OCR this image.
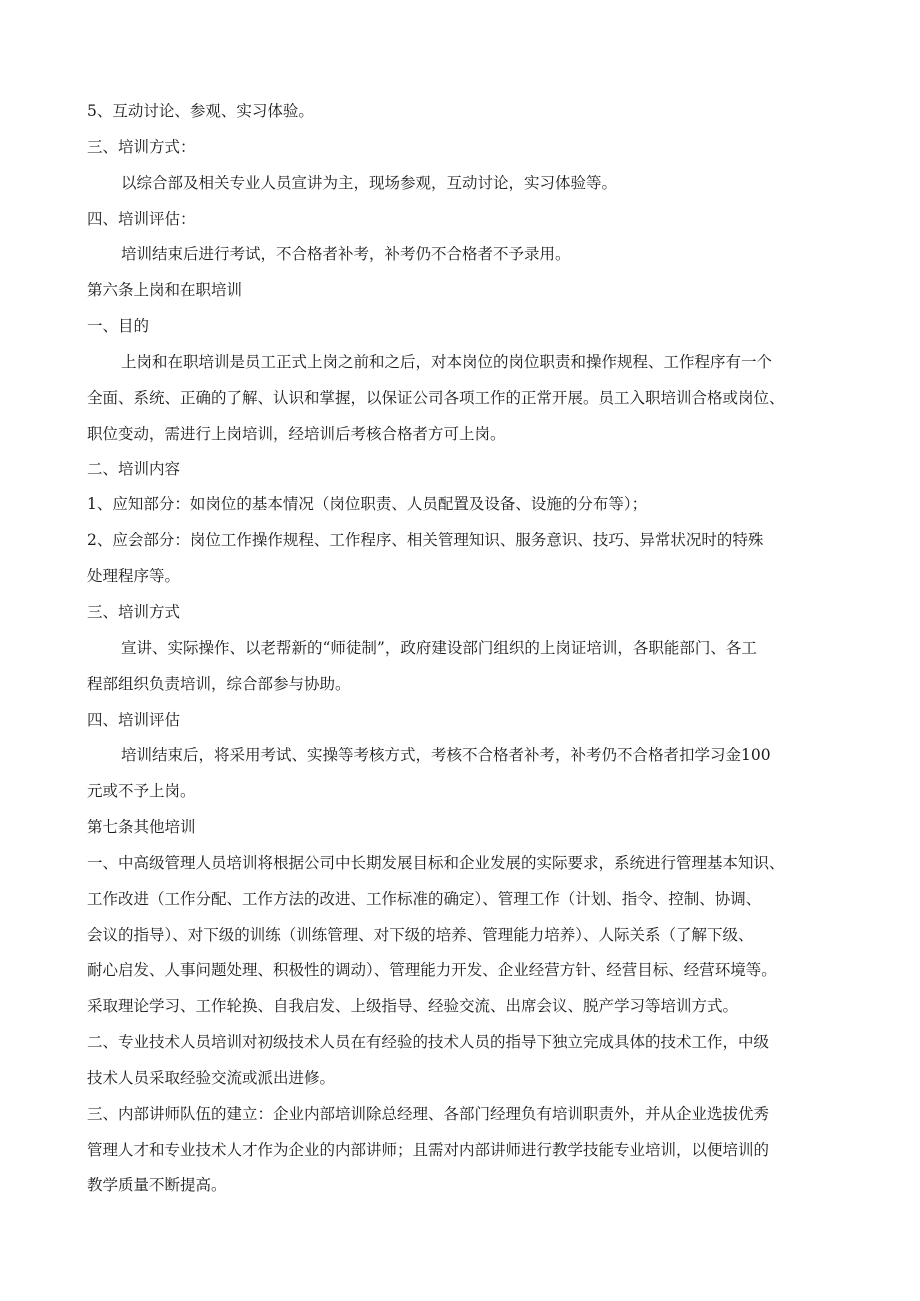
5、互动讨论、参观、实习体验。
三、培训方式：
以综合部及相关专业人员宣讲为主，现场参观，互动讨论，实习体验等。
四、培训评估：
培训结束后进行考试，不合格者补考，补考仍不合格者不予录用。
第六条上岗和在职培训
一、目的
上岗和在职培训是员工正式上岗之前和之后，对本岗位的岗位职责和操作规程、工作程序有一个
全面、系统、正确的了解、认识和掌握，以保证公司各项工作的正常开展。员工入职培训合格或岗位、
职位变动，需进行上岗培训，经培训后考核合格者方可上岗。
二、培训内容
1、应知部分：如岗位的基本情况（岗位职责、人员配置及设备、设施的分布等）；
2、应会部分：岗位工作操作规程、工作程序、相关管理知识、服务意识、技巧、异常状况时的特殊
处理程序等。
三、培训方式
宣讲、实际操作、以老帮新的“师徒制”，政府建设部门组织的上岗证培训，各职能部门、各工
程部组织负责培训，综合部参与协助。
四、培训评估
培训结束后，将采用考试、实操等考核方式，考核不合格者补考，补考仍不合格者扣学习金100
元或不予上岗。
第七条其他培训
一、中高级管理人员培训将根据公司中长期发展目标和企业发展的实际要求，系统进行管理基本知识、
工作改进（工作分配、工作方法的改进、工作标准的确定）、管理工作（计划、指令、控制、协调、
会议的指导）、对下级的训练（训练管理、对下级的培养、管理能力培养）、人际关系（了解下级、
耐心启发、人事问题处理、积极性的调动）、管理能力开发、企业经营方针、经营目标、经营环境等。
采取理论学习、工作轮换、自我启发、上级指导、经验交流、出席会议、脱产学习等培训方式。
二、专业技术人员培训对初级技术人员在有经验的技术人员的指导下独立完成具体的技术工作，中级
技术人员采取经验交流或派出进修。
三、内部讲师队伍的建立：企业内部培训除总经理、各部门经理负有培训职责外，并从企业选拔优秀
管理人才和专业技术人才作为企业的内部讲师；且需对内部讲师进行教学技能专业培训，以便培训的
教学质量不断提高。
